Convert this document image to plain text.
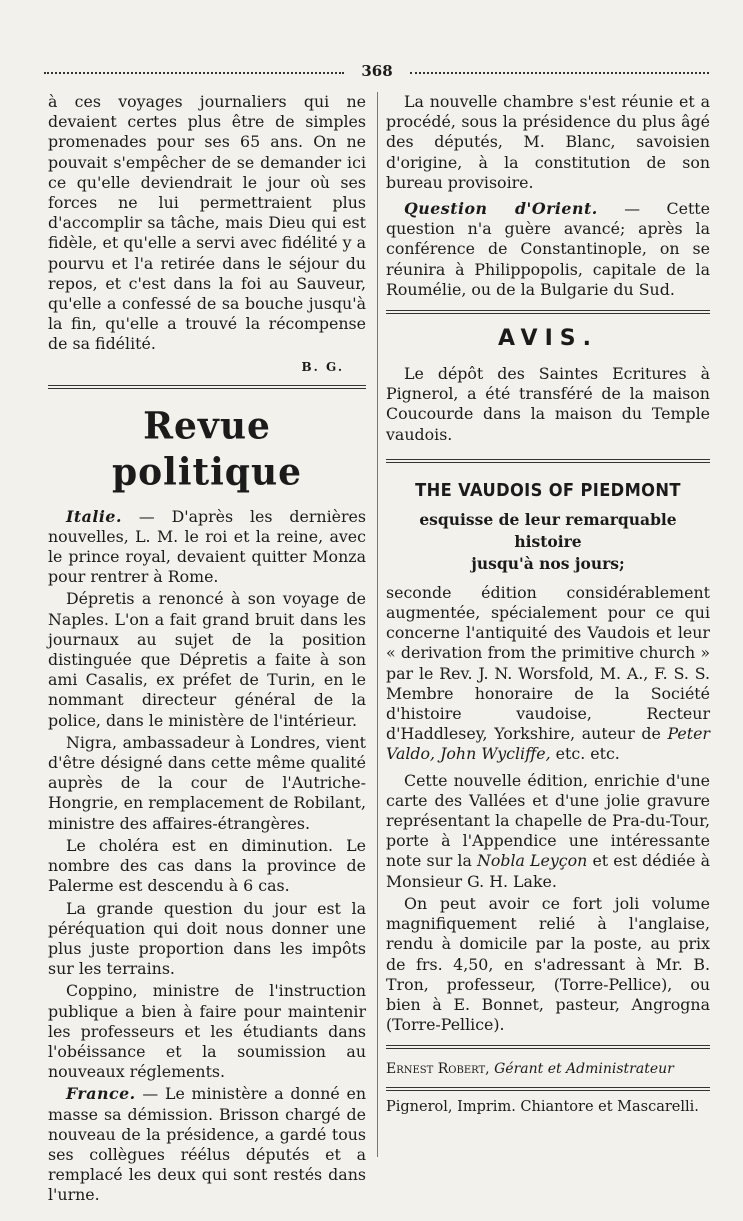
368

à ces voyages journaliers qui ne devaient certes plus être de simples promenades pour ses 65 ans. On ne pouvait s'empêcher de se demander ici ce qu'elle deviendrait le jour où ses forces ne lui permettraient plus d'accomplir sa tâche, mais Dieu qui est fidèle, et qu'elle a servi avec fidélité y a pourvu et l'a retirée dans le séjour du repos, et c'est dans la foi au Sauveur, qu'elle a confessé de sa bouche jusqu'à la fin, qu'elle a trouvé la récompense de sa fidélité.

B. G.
Revue politique

Italie. — D'après les dernières nouvelles, L. M. le roi et la reine, avec le prince royal, devaient quitter Monza pour rentrer à Rome.

Dépretis a renoncé à son voyage de Naples. L'on a fait grand bruit dans les journaux au sujet de la position distinguée que Dépretis a faite à son ami Casalis, ex préfet de Turin, en le nommant directeur général de la police, dans le ministère de l'intérieur.

Nigra, ambassadeur à Londres, vient d'être désigné dans cette même qualité auprès de la cour de l'Autriche-Hongrie, en remplacement de Robilant, ministre des affaires-étrangères.

Le choléra est en diminution. Le nombre des cas dans la province de Palerme est descendu à 6 cas.

La grande question du jour est la péréquation qui doit nous donner une plus juste proportion dans les impôts sur les terrains.

Coppino, ministre de l'instruction publique a bien à faire pour maintenir les professeurs et les étudiants dans l'obéissance et la soumission au nouveaux réglements.

France. — Le ministère a donné en masse sa démission. Brisson chargé de nouveau de la présidence, a gardé tous ses collègues réélus députés et a remplacé les deux qui sont restés dans l'urne.

La nouvelle chambre s'est réunie et a procédé, sous la présidence du plus âgé des députés, M. Blanc, savoisien d'origine, à la constitution de son bureau provisoire.

Question d'Orient. — Cette question n'a guère avancé; après la conférence de Constantinople, on se réunira à Philippopolis, capitale de la Roumélie, ou de la Bulgarie du Sud.

AVIS.

Le dépôt des Saintes Ecritures à Pignerol, a été transféré de la maison Coucourde dans la maison du Temple vaudois.

THE VAUDOIS OF PIEDMONT
esquisse de leur remarquable histoire
jusqu'à nos jours;

seconde édition considérablement augmentée, spécialement pour ce qui concerne l'antiquité des Vaudois et leur « derivation from the primitive church » par le Rev. J. N. Worsfold, M. A., F. S. S. Membre honoraire de la Société d'histoire vaudoise, Recteur d'Haddlesey, Yorkshire, auteur de Peter Valdo, John Wycliffe, etc. etc.

Cette nouvelle édition, enrichie d'une carte des Vallées et d'une jolie gravure représentant la chapelle de Pra-du-Tour, porte à l'Appendice une intéressante note sur la Nobla Leyçon et est dédiée à Monsieur G. H. Lake.

On peut avoir ce fort joli volume magnifiquement relié à l'anglaise, rendu à domicile par la poste, au prix de frs. 4,50, en s'adressant à Mr. B. Tron, professeur, (Torre-Pellice), ou bien à E. Bonnet, pasteur, Angrogna (Torre-Pellice).

Ernest Robert, Gérant et Administrateur
Pignerol, Imprim. Chiantore et Mascarelli.
